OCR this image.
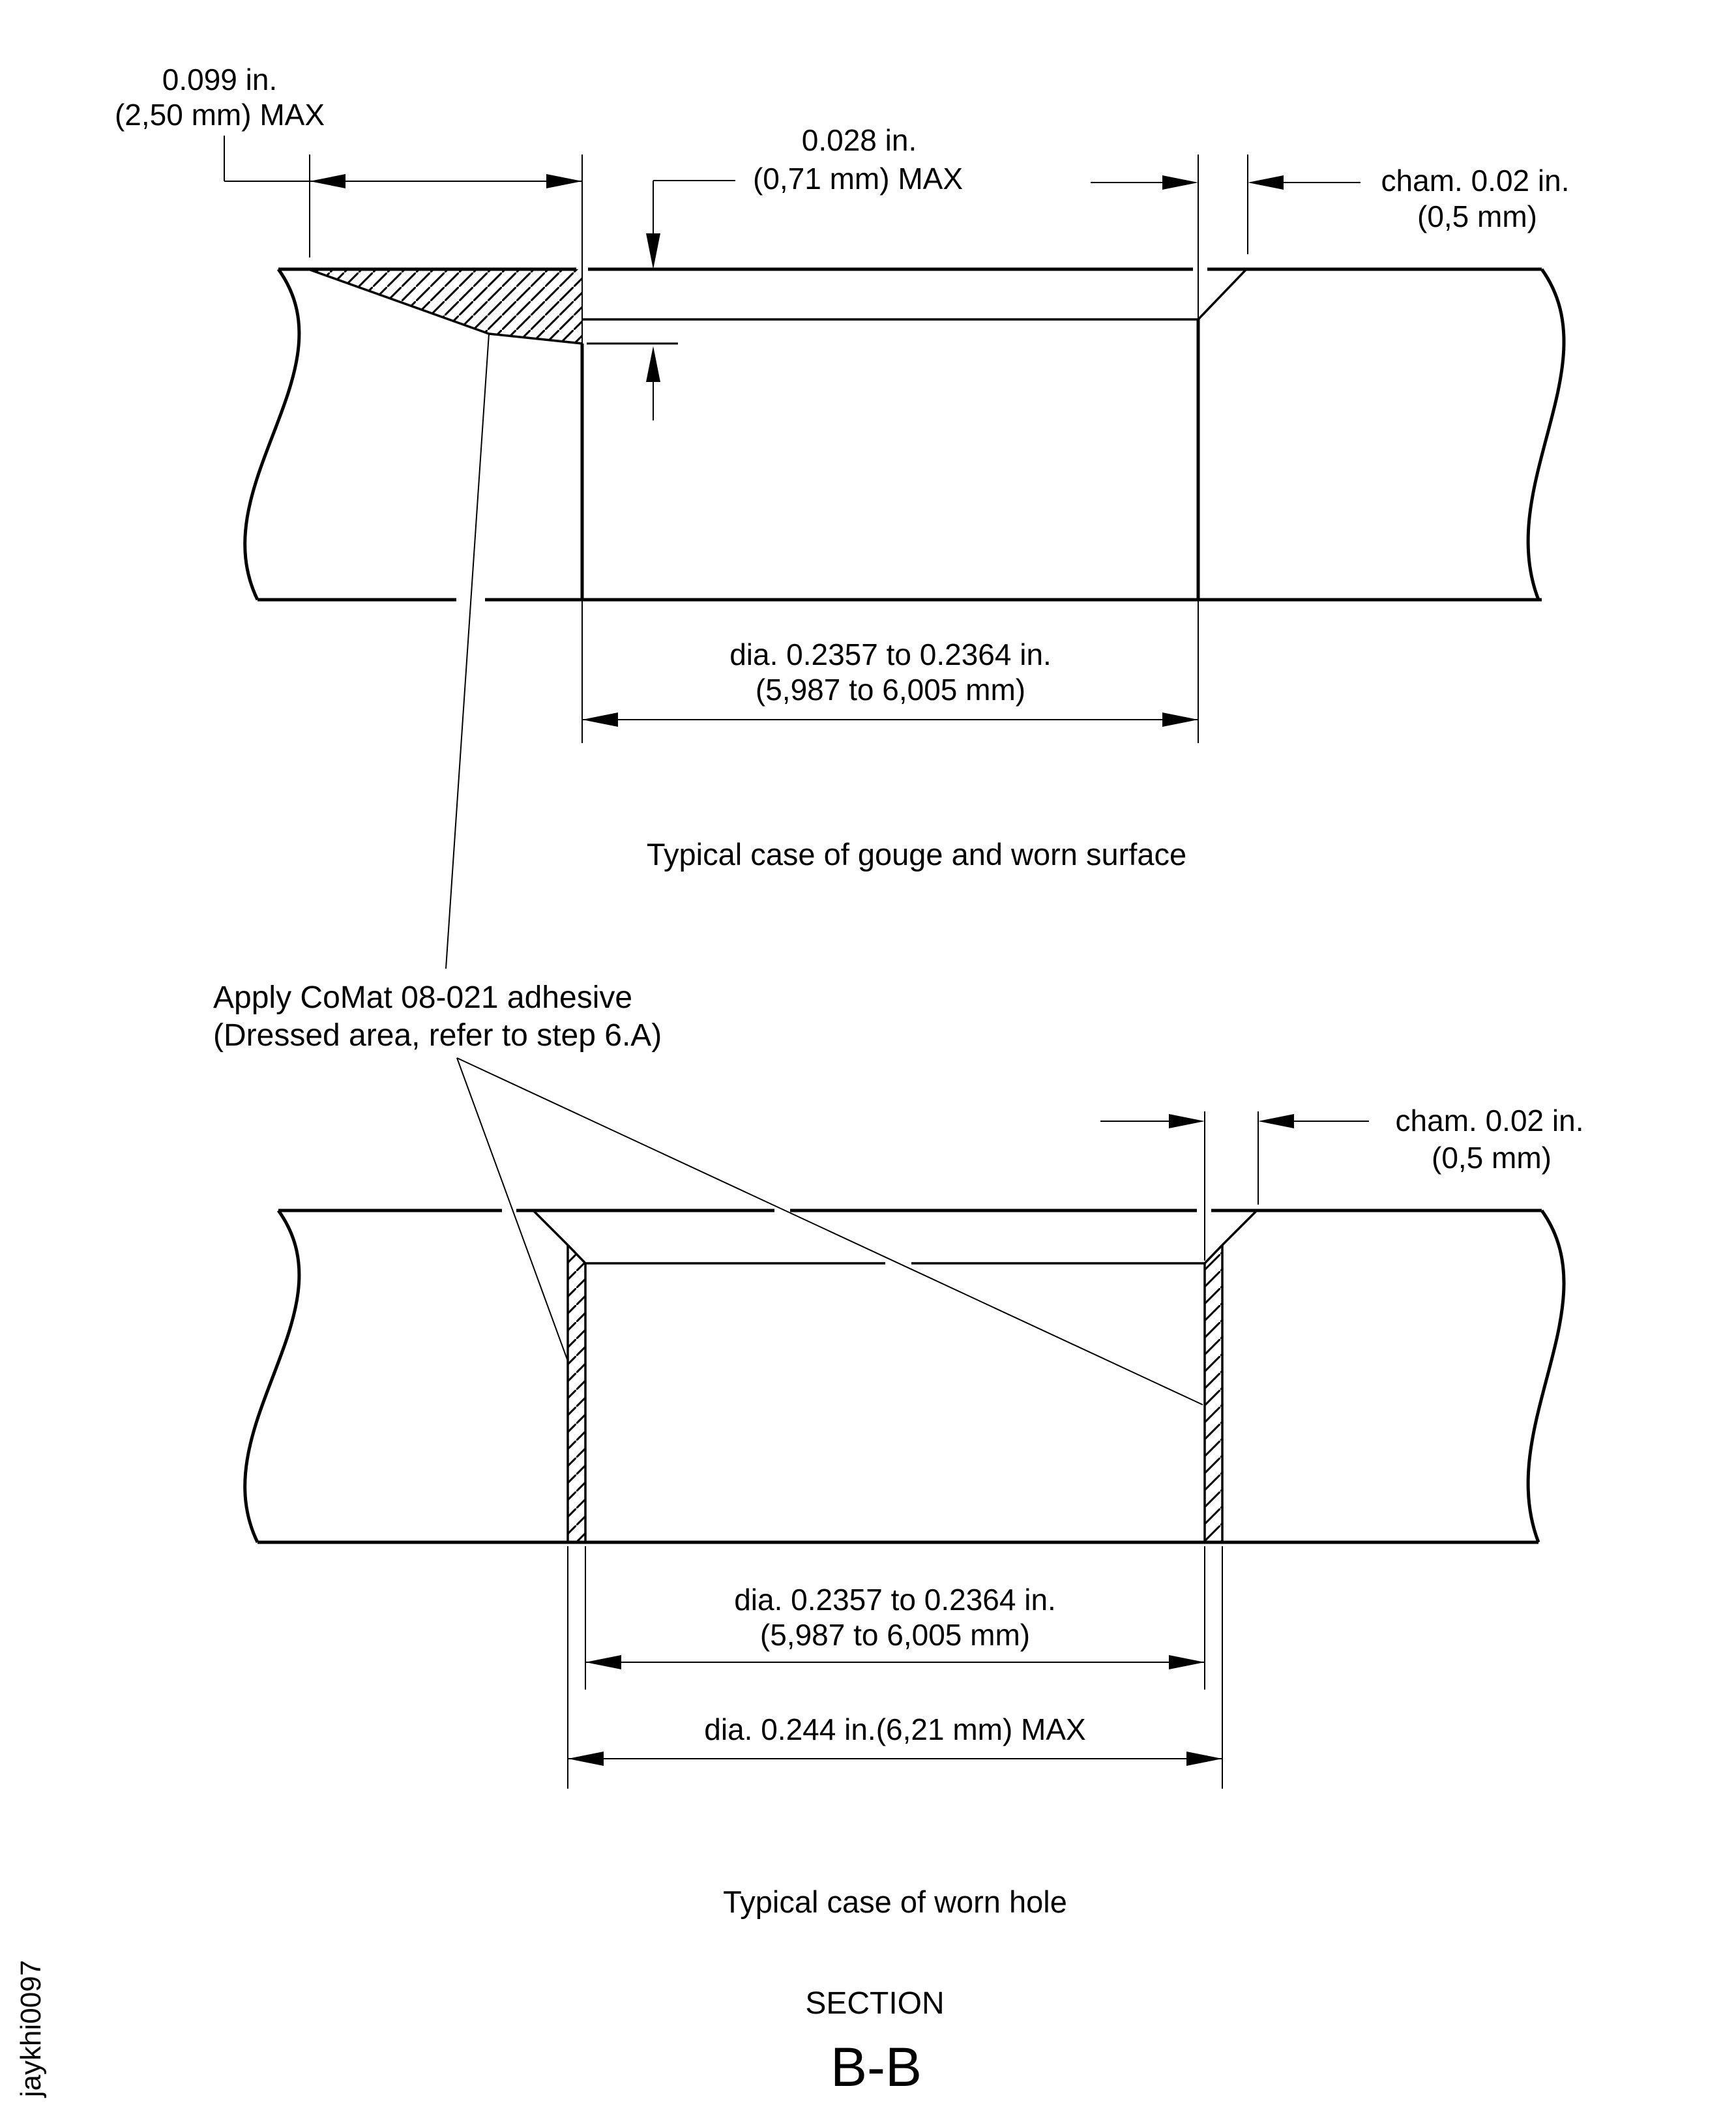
0.099 in.
(2,50 mm) MAX
0.028 in.
(0,71 mm) MAX	cham. 0.02 in.
(0,5 mm)
dia. 0.2357 to 0.2364 in.
(5,987 to 6,005 mm)
Typical case of gouge and worn surface
Apply CoMat 08-021 adhesive
(Dressed area, refer to step 6.A)
cham. 0.02 in.
(0,5 mm)
dia. 0.2357 to 0.2364 in.
(5,987 to 6,005 mm)
dia. 0.244 in.(6,21 mm) MAX
Typical case of worn hole
SECTION
B-B
jaykhi0097
